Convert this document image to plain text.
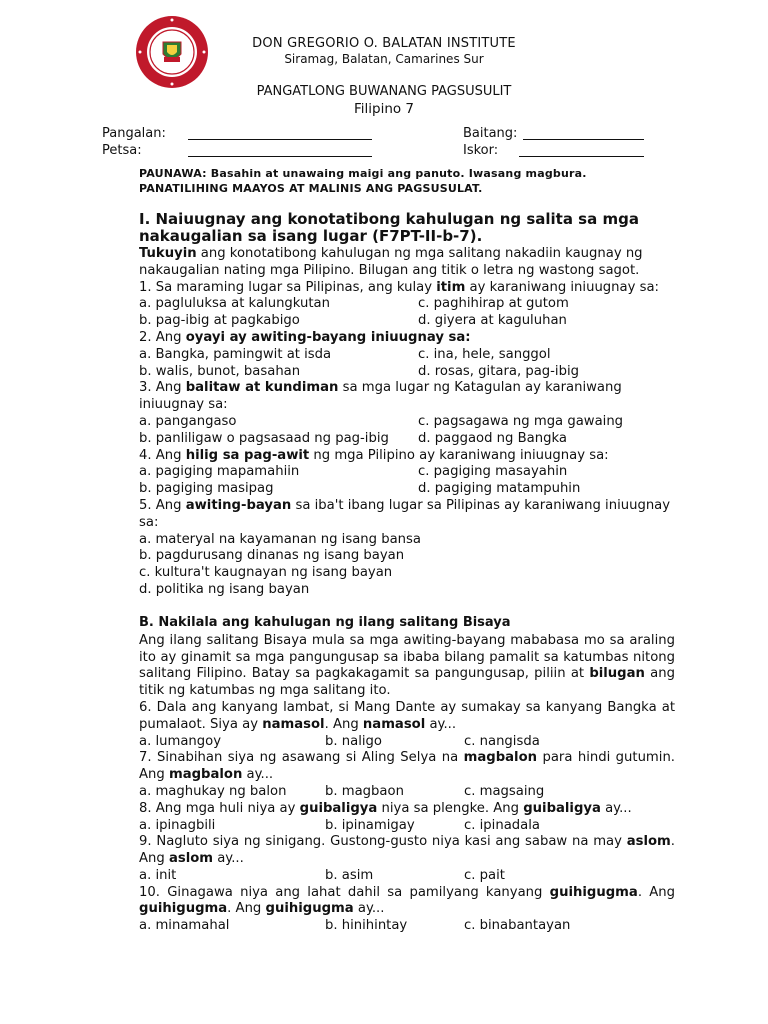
DON GREGORIO O. BALATAN INSTITUTE
Siramag, Balatan, Camarines Sur
PANGATLONG BUWANANG PAGSUSULIT
Filipino 7
Pangalan:
Petsa:
Baitang:
Iskor:
PAUNAWA: Basahin at unawaing maigi ang panuto. Iwasang magbura.
PANATILIHING MAAYOS AT MALINIS ANG PAGSUSULAT.
I. Naiuugnay ang konotatibong kahulugan ng salita sa mga
nakaugalian sa isang lugar (F7PT-II-b-7).

Tukuyin ang konotatibong kahulugan ng mga salitang nakadiin kaugnay ng nakaugalian nating mga Pilipino. Bilugan ang titik o letra ng wastong sagot.

1. Sa maraming lugar sa Pilipinas, ang kulay itim ay karaniwang iniuugnay sa:

a. pagluluksa at kalungkutan	c. paghihirap at gutom
b. pag-ibig at pagkabigo	d. giyera at kaguluhan

2. Ang oyayi ay awiting-bayang iniuugnay sa:

a. Bangka, pamingwit at isda	c. ina, hele, sanggol
b. walis, bunot, basahan	d. rosas, gitara, pag-ibig

3. Ang balitaw at kundiman sa mga lugar ng Katagulan ay karaniwang iniuugnay sa:

a. pangangaso	c. pagsagawa ng mga gawaing
b. panliligaw o pagsasaad ng pag-ibig	d. paggaod ng Bangka

4. Ang hilig sa pag-awit ng mga Pilipino ay karaniwang iniuugnay sa:

a. pagiging mapamahiin	c. pagiging masayahin
b. pagiging masipag	d. pagiging matampuhin

5. Ang awiting-bayan sa iba't ibang lugar sa Pilipinas ay karaniwang iniuugnay sa:

a. materyal na kayamanan ng isang bansa
b. pagdurusang dinanas ng isang bayan
c. kultura't kaugnayan ng isang bayan
d. politika ng isang bayan
B. Nakilala ang kahulugan ng ilang salitang Bisaya

Ang ilang salitang Bisaya mula sa mga awiting-bayang mababasa mo sa araling ito ay ginamit sa mga pangungusap sa ibaba bilang pamalit sa katumbas nitong salitang Filipino. Batay sa pagkakagamit sa pangungusap, piliin at bilugan ang titik ng katumbas ng mga salitang ito.

6. Dala ang kanyang lambat, si Mang Dante ay sumakay sa kanyang Bangka at pumalaot. Siya ay namasol. Ang namasol ay...

a. lumangoy	b. naligo	c. nangisda

7. Sinabihan siya ng asawang si Aling Selya na magbalon para hindi gutumin. Ang magbalon ay...

a. maghukay ng balon	b. magbaon	c. magsaing

8. Ang mga huli niya ay guibaligya niya sa plengke. Ang guibaligya ay...

a. ipinagbili	b. ipinamigay	c. ipinadala

9. Nagluto siya ng sinigang. Gustong-gusto niya kasi ang sabaw na may aslom. Ang aslom ay...

a. init	b. asim	c. pait

10. Ginagawa niya ang lahat dahil sa pamilyang kanyang guihigugma. Ang guihigugma. Ang guihigugma ay...

a. minamahal	b. hinihintay	c. binabantayan
